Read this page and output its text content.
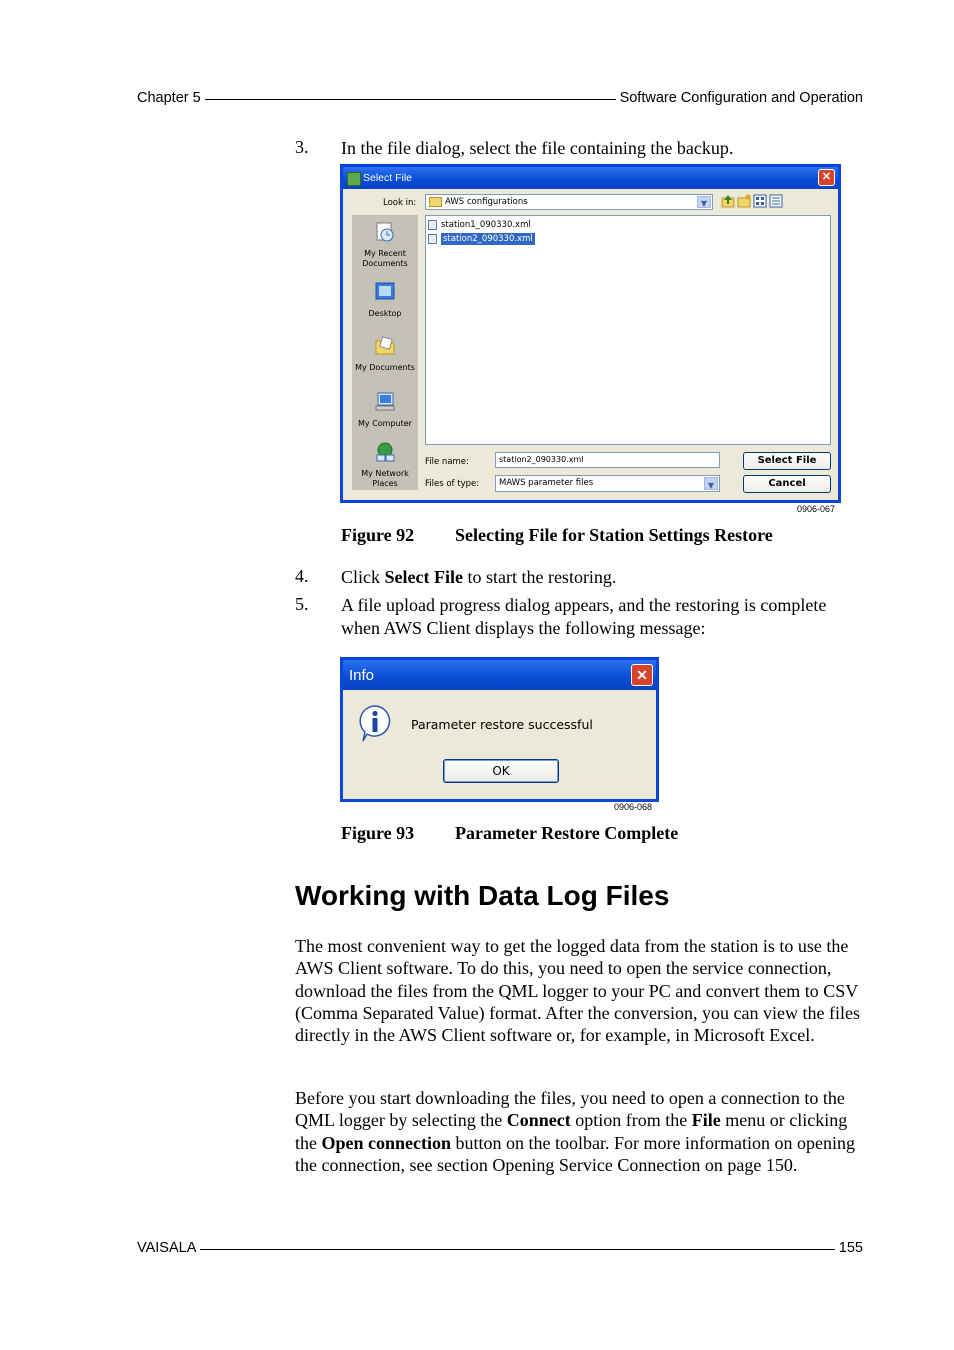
Chapter 5	Software Configuration and Operation
3. In the file dialog, select the file containing the backup.
Select File	✕
Look in:	AWS configurations	▼
My Recent Documents
Desktop
My Documents
My Computer
My Network Places
station1_090330.xml
station2_090330.xml
File name:	station2_090330.xml
Files of type:	MAWS parameter files	▼
Select File
Cancel
0906-067
Figure 92 Selecting File for Station Settings Restore
4. Click Select File to start the restoring.
5. A file upload progress dialog appears, and the restoring is complete when AWS Client displays the following message:
Info	✕
Parameter restore successful
OK
0906-068
Figure 93 Parameter Restore Complete
Working with Data Log Files
The most convenient way to get the logged data from the station is to use the AWS Client software. To do this, you need to open the service connection, download the files from the QML logger to your PC and convert them to CSV (Comma Separated Value) format. After the conversion, you can view the files directly in the AWS Client software or, for example, in Microsoft Excel.
Before you start downloading the files, you need to open a connection to the QML logger by selecting the Connect option from the File menu or clicking the Open connection button on the toolbar. For more information on opening the connection, see section Opening Service Connection on page 150.
VAISALA	155
